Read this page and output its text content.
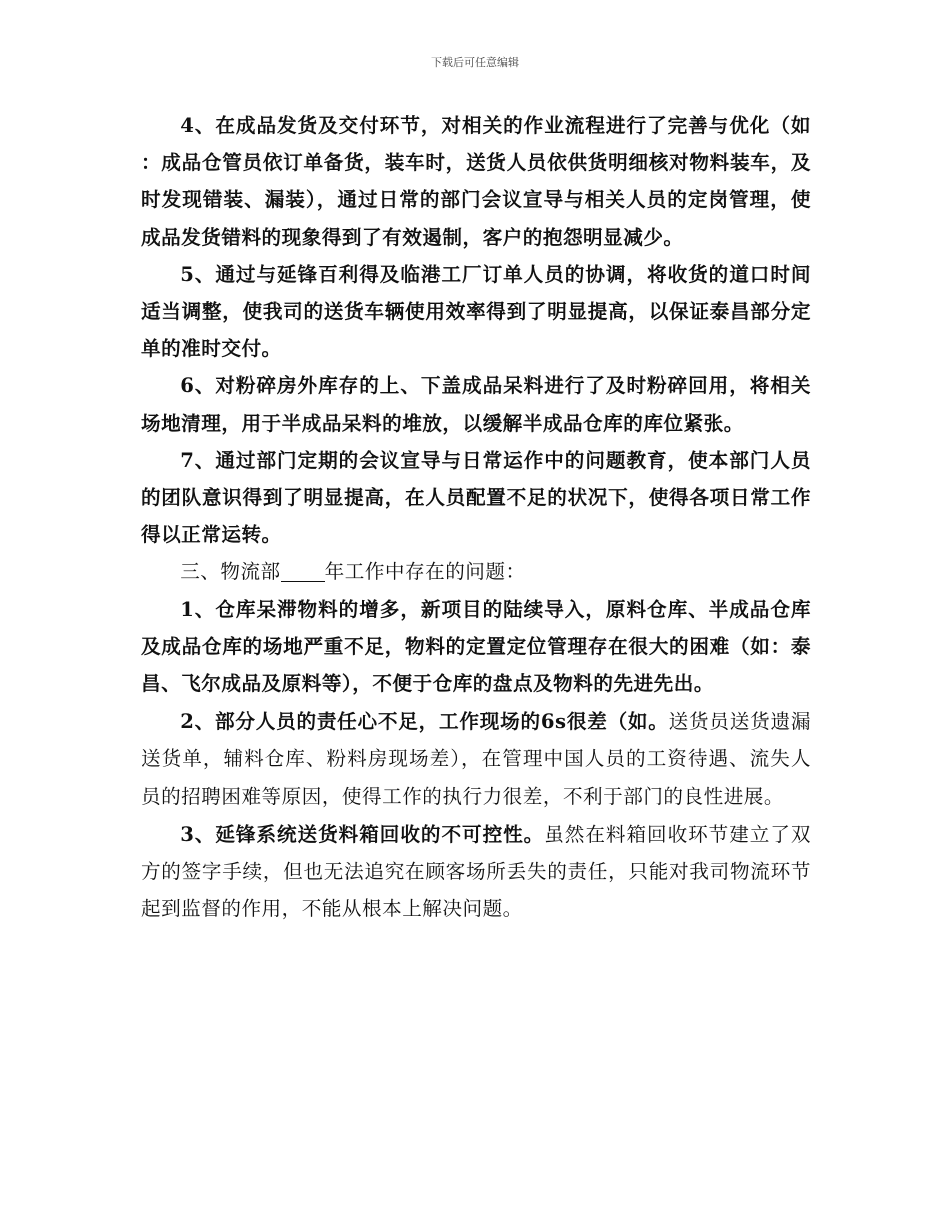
下载后可任意编辑

4、在成品发货及交付环节，对相关的作业流程进行了完善与优化（如：成品仓管员依订单备货，装车时，送货人员依供货明细核对物料装车，及时发现错装、漏装），通过日常的部门会议宣导与相关人员的定岗管理，使成品发货错料的现象得到了有效遏制，客户的抱怨明显减少。

5、通过与延锋百利得及临港工厂订单人员的协调，将收货的道口时间适当调整，使我司的送货车辆使用效率得到了明显提高，以保证泰昌部分定单的准时交付。

6、对粉碎房外库存的上、下盖成品呆料进行了及时粉碎回用，将相关场地清理，用于半成品呆料的堆放，以缓解半成品仓库的库位紧张。

7、通过部门定期的会议宣导与日常运作中的问题教育，使本部门人员的团队意识得到了明显提高，在人员配置不足的状况下，使得各项日常工作得以正常运转。

三、物流部 年工作中存在的问题：

1、仓库呆滞物料的增多，新项目的陆续导入，原料仓库、半成品仓库及成品仓库的场地严重不足，物料的定置定位管理存在很大的困难（如：泰昌、飞尔成品及原料等），不便于仓库的盘点及物料的先进先出。

2、部分人员的责任心不足，工作现场的6s很差（如。送货员送货遗漏送货单，辅料仓库、粉料房现场差），在管理中国人员的工资待遇、流失人员的招聘困难等原因，使得工作的执行力很差，不利于部门的良性进展。

3、延锋系统送货料箱回收的不可控性。虽然在料箱回收环节建立了双方的签字手续，但也无法追究在顾客场所丢失的责任，只能对我司物流环节起到监督的作用，不能从根本上解决问题。
